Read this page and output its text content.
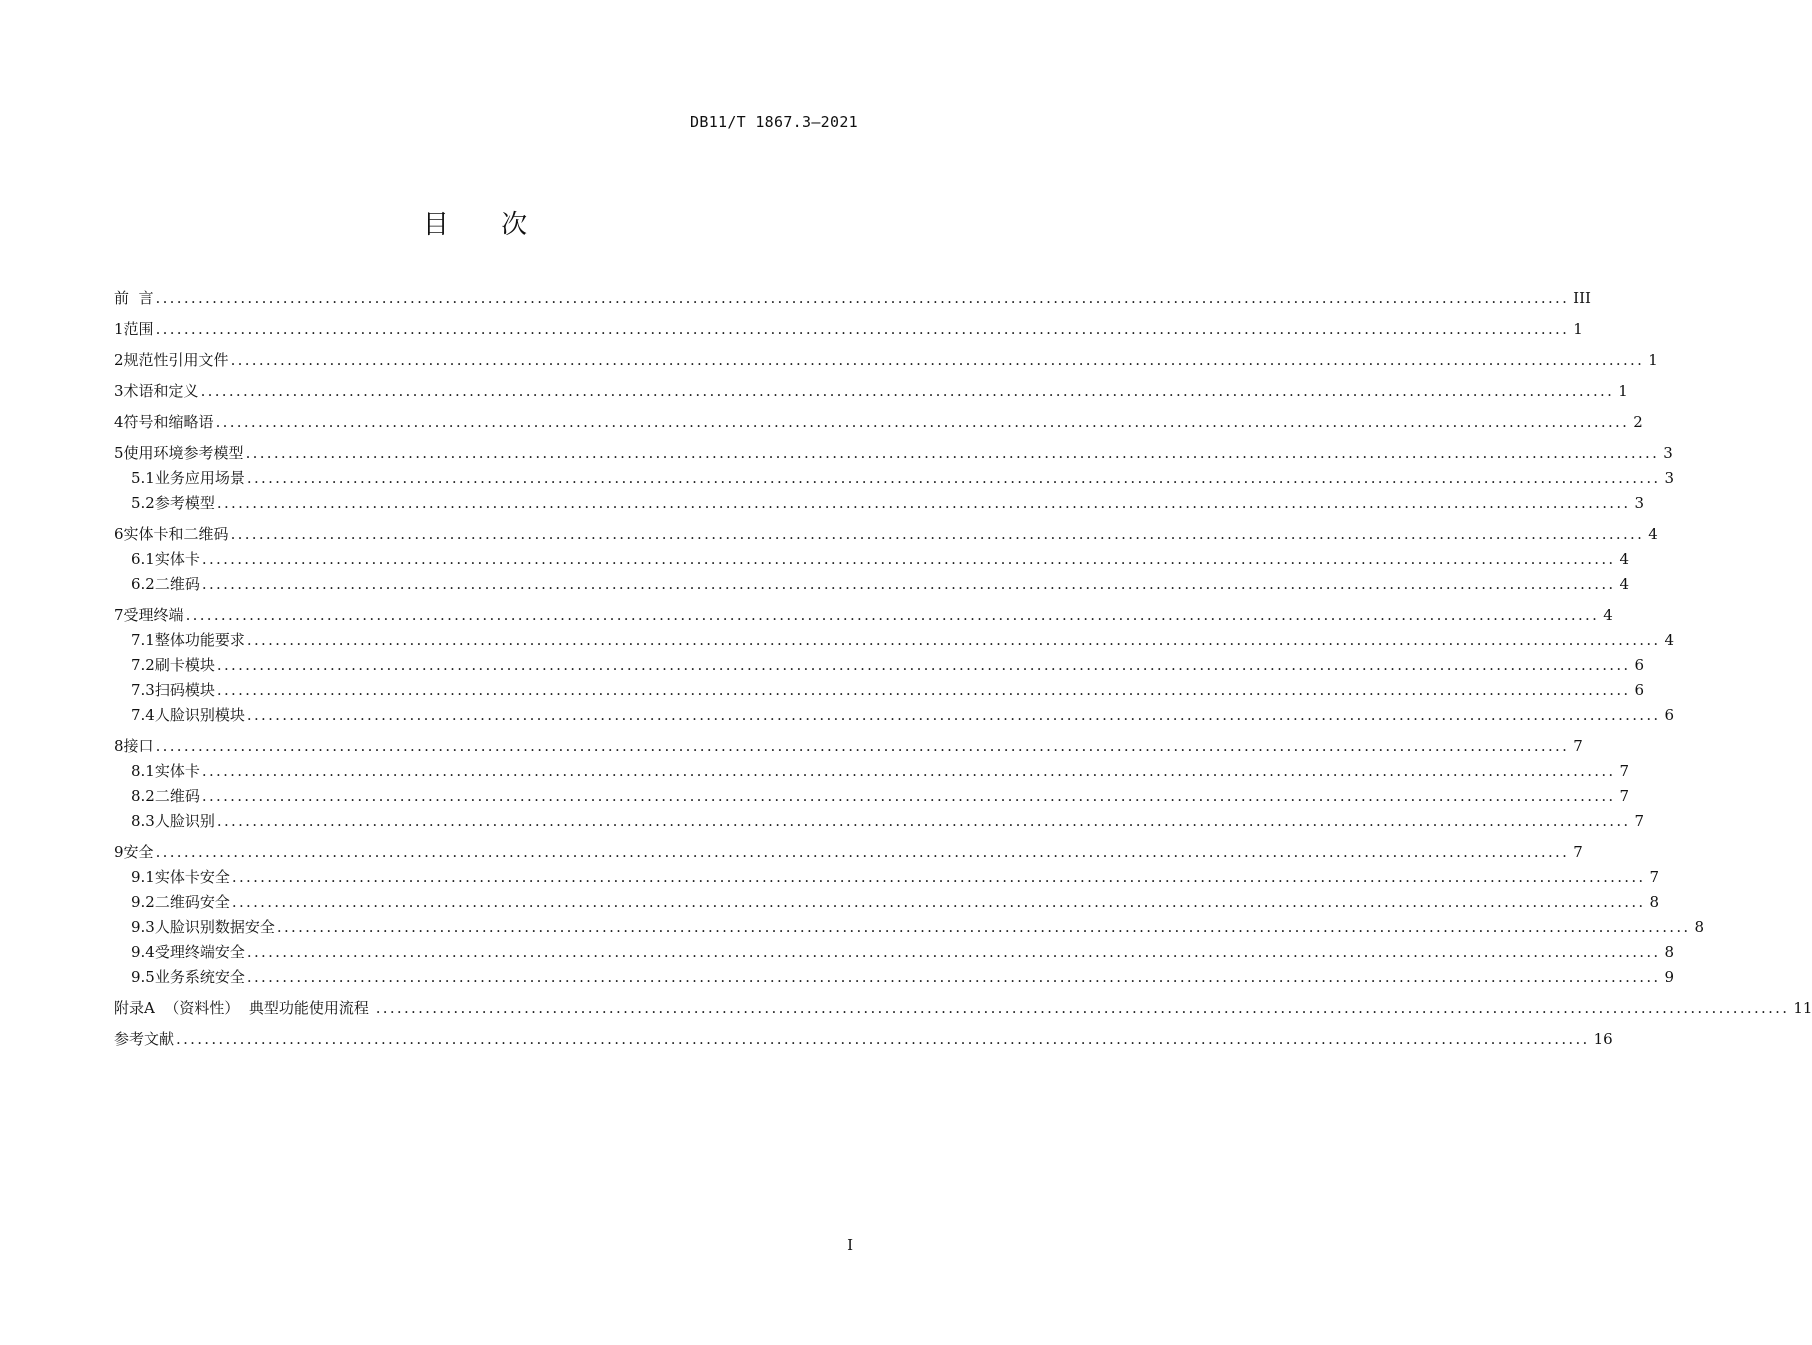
DB11/T 1867.3—2021
目 次
前  言 ........................................................................................................................................................................................................ III
1 范围 ........................................................................................................................................................................................................ 1
2 规范性引用文件 ........................................................................................................................................................................................................ 1
3 术语和定义 ........................................................................................................................................................................................................ 1
4 符号和缩略语 ........................................................................................................................................................................................................ 2
5 使用环境参考模型 ........................................................................................................................................................................................................ 3
5.1 业务应用场景 ........................................................................................................................................................................................................ 3
5.2 参考模型 ........................................................................................................................................................................................................ 3
6 实体卡和二维码 ........................................................................................................................................................................................................ 4
6.1 实体卡 ........................................................................................................................................................................................................ 4
6.2 二维码 ........................................................................................................................................................................................................ 4
7 受理终端 ........................................................................................................................................................................................................ 4
7.1 整体功能要求 ........................................................................................................................................................................................................ 4
7.2 刷卡模块 ........................................................................................................................................................................................................ 6
7.3 扫码模块 ........................................................................................................................................................................................................ 6
7.4 人脸识别模块 ........................................................................................................................................................................................................ 6
8 接口 ........................................................................................................................................................................................................ 7
8.1 实体卡 ........................................................................................................................................................................................................ 7
8.2 二维码 ........................................................................................................................................................................................................ 7
8.3 人脸识别 ........................................................................................................................................................................................................ 7
9 安全 ........................................................................................................................................................................................................ 7
9.1 实体卡安全 ........................................................................................................................................................................................................ 7
9.2 二维码安全 ........................................................................................................................................................................................................ 8
9.3 人脸识别数据安全 ........................................................................................................................................................................................................ 8
9.4 受理终端安全 ........................................................................................................................................................................................................ 8
9.5 业务系统安全 ........................................................................................................................................................................................................ 9
附录A  （资料性）  典型功能使用流程 ........................................................................................................................................................................................................ 11
参考文献 ........................................................................................................................................................................................................ 16
I
